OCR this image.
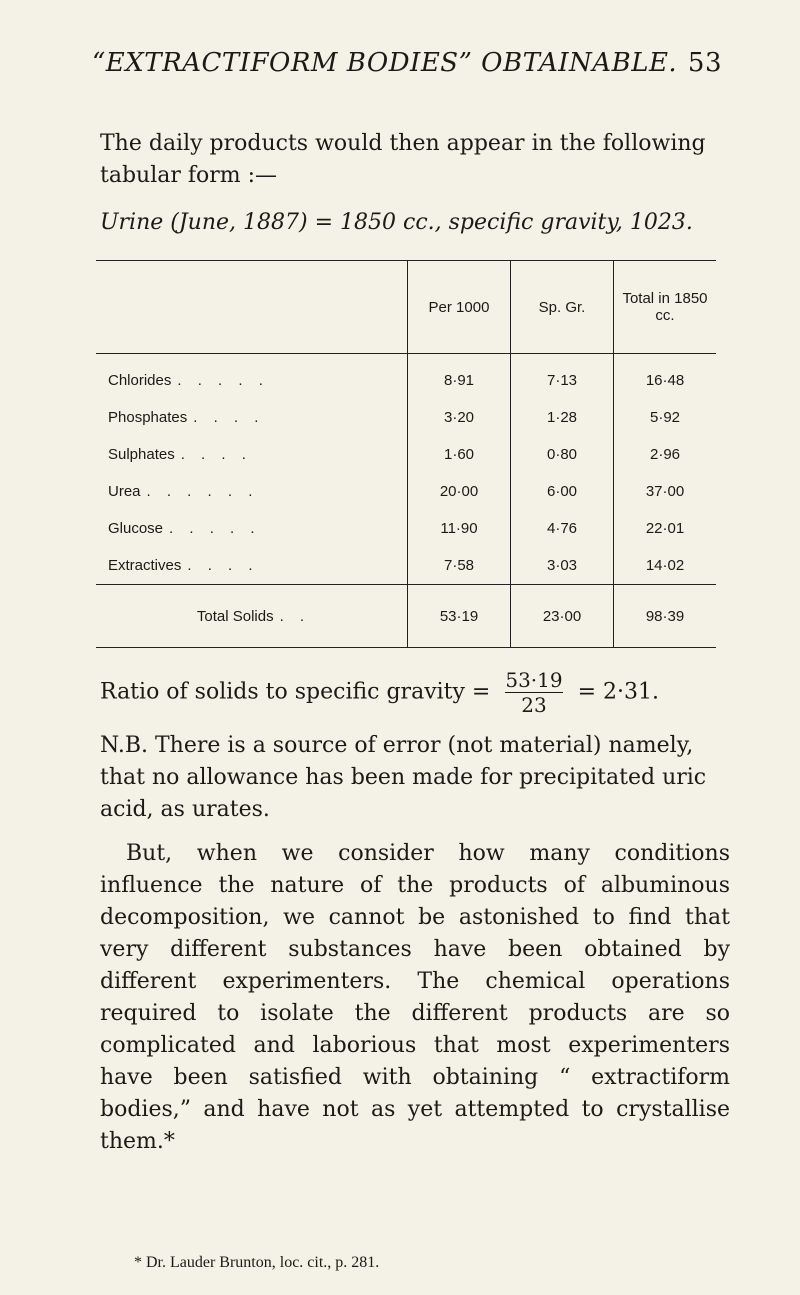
“EXTRACTIFORM BODIES” OBTAINABLE. 53
The daily products would then appear in the following tabular form :—
Urine (June, 1887) = 1850 cc., specific gravity, 1023.
	Per 1000	Sp. Gr.	Total in 1850 cc.
Chlorides . . . . .	8·91	7·13	16·48
Phosphates . . . .	3·20	1·28	5·92
Sulphates . . . .	1·60	0·80	2·96
Urea . . . . . .	20·00	6·00	37·00
Glucose . . . . .	11·90	4·76	22·01
Extractives . . . .	7·58	3·03	14·02
Total Solids . .	53·19	23·00	98·39
Ratio of solids to specific gravity = $\frac{53\cdot 19}{23} = 2\cdot 31$.
N.B. There is a source of error (not material) namely, that no allowance has been made for precipitated uric acid, as urates.
But, when we consider how many conditions influence the nature of the products of albuminous decomposition, we cannot be astonished to find that very different substances have been obtained by different experimenters. The chemical operations required to isolate the different products are so complicated and laborious that most experimenters have been satisfied with obtaining “ extractiform bodies,” and have not as yet attempted to crystallise them.*
* Dr. Lauder Brunton, loc. cit., p. 281.
